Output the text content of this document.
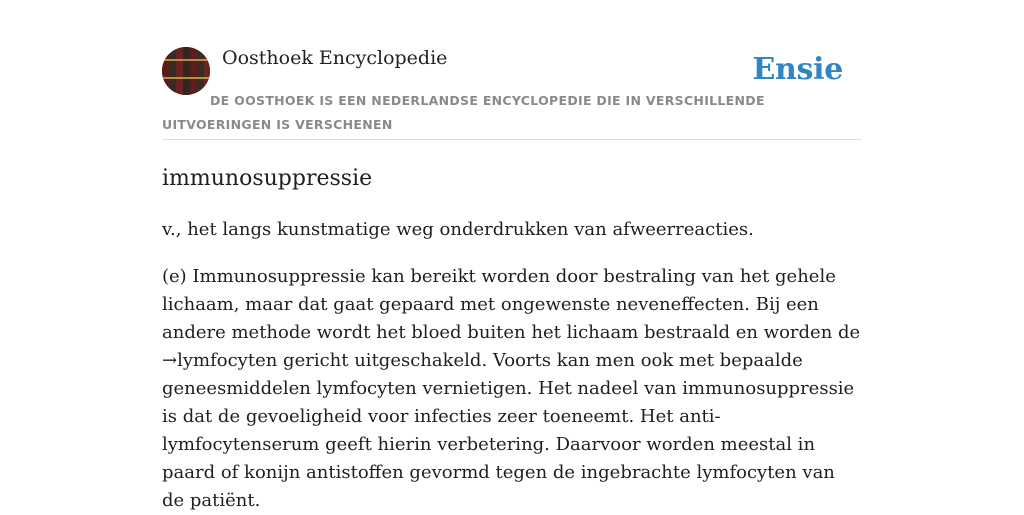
Oosthoek Encyclopedie	Ensie
DE OOSTHOEK IS EEN NEDERLANDSE ENCYCLOPEDIE DIE IN VERSCHILLENDE UITVOERINGEN IS VERSCHENEN
immunosuppressie

v., het langs kunstmatige weg onderdrukken van afweerreacties.

(e) Immunosuppressie kan bereikt worden door bestraling van het gehele lichaam, maar dat gaat gepaard met ongewenste neveneffecten. Bij een andere methode wordt het bloed buiten het lichaam bestraald en worden de →lymfocyten gericht uitgeschakeld. Voorts kan men ook met bepaalde geneesmiddelen lymfocyten vernietigen. Het nadeel van immunosuppressie is dat de gevoeligheid voor infecties zeer toeneemt. Het anti-lymfocytenserum geeft hierin verbetering. Daarvoor worden meestal in paard of konijn antistoffen gevormd tegen de ingebrachte lymfocyten van de patiënt.
